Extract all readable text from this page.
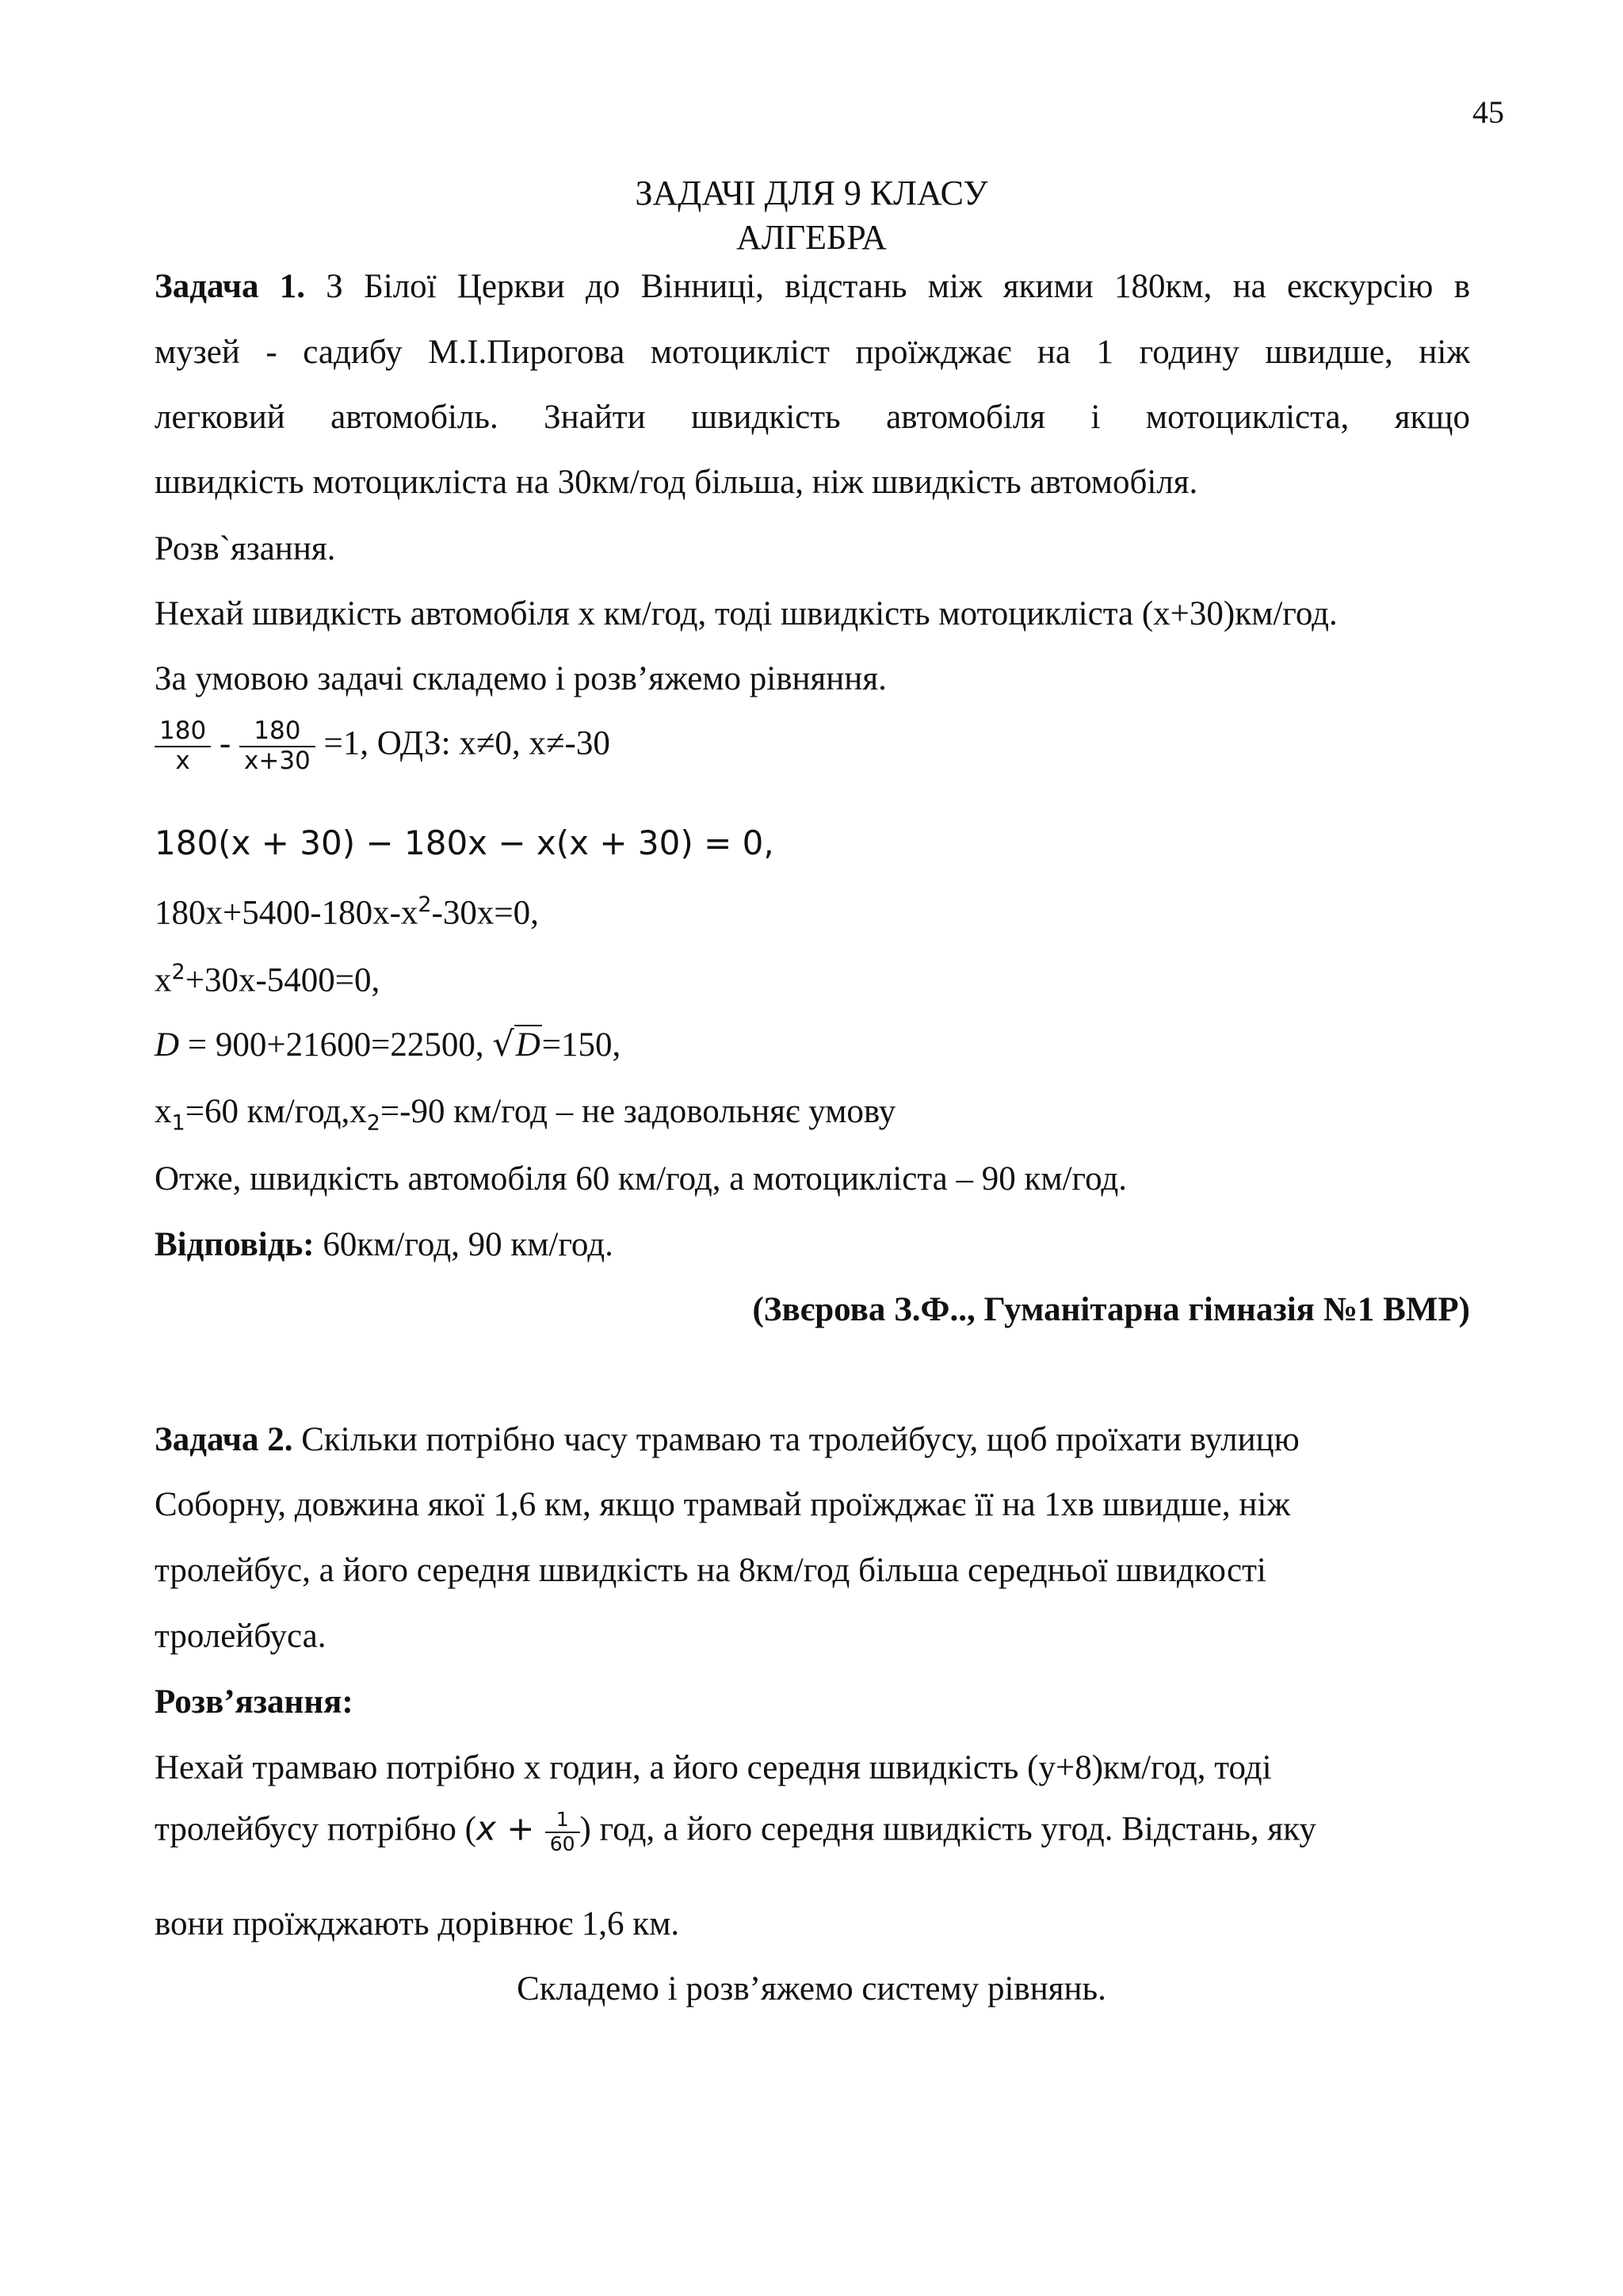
45
ЗАДАЧІ ДЛЯ 9 КЛАСУ
АЛГЕБРА
Задача 1. З Білої Церкви до Вінниці, відстань між якими 180км, на екскурсію в
музей - садибу М.І.Пирогова мотоцикліст проїжджає на 1 годину швидше, ніж
легковий автомобіль. Знайти швидкість автомобіля і мотоцикліста, якщо
швидкість мотоцикліста на 30км/год більша, ніж швидкість автомобіля.
Розв`язання.
Нехай швидкість автомобіля x км/год, тоді швидкість мотоцикліста (x+30)км/год.
За умовою задачі складемо і розв’яжемо рівняння.
$\frac{180}{x} - \frac{180}{x+30} =1$, ОДЗ: x≠0, x≠-30
180(x + 30) − 180x − x(x + 30) = 0,
$180x+5400-180x-x^2-30x=0$,
$x^2+30x-5400=0$,
D = 900+21600=22500, √D=150,
$x_1=60$ $км/год,x_2=-90$ км/год – не задовольняє умову
Отже, швидкість автомобіля 60 км/год, а мотоцикліста – 90 км/год.
Відповідь: 60км/год, 90 км/год.
(Звєрова З.Ф.., Гуманітарна гімназія №1 ВМР)
Задача 2. Скільки потрібно часу трамваю та тролейбусу, щоб проїхати вулицю
Соборну, довжина якої 1,6 км, якщо трамвай проїжджає її на 1хв швидше, ніж
тролейбус, а його середня швидкість на 8км/год більша середньої швидкості
тролейбуса.
Розв’язання:
Нехай трамваю потрібно x годин, а його середня швидкість (y+8)км/год, тоді
тролейбусу потрібно ($x + \frac{1}{60}$ ) год, а його середня швидкість yгод. Відстань, яку
вони проїжджають дорівнює 1,6 км.
Складемо і розв’яжемо систему рівнянь.
